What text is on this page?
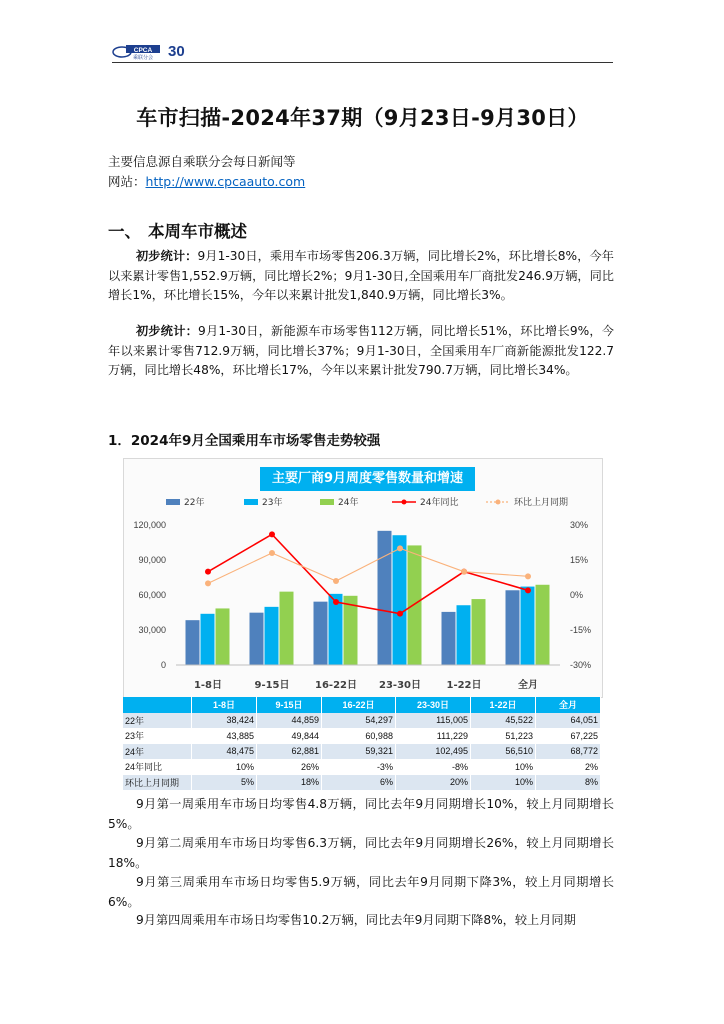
CPCA
乘联分会 30
车市扫描-2024年37期（9月23日-9月30日）
主要信息源自乘联分会每日新闻等
网站：http://www.cpcaauto.com
一、 本周车市概述
初步统计：9月1-30日，乘用车市场零售206.3万辆，同比增长2%，环比增长8%，今年以来累计零售1,552.9万辆，同比增长2%；9月1-30日,全国乘用车厂商批发246.9万辆，同比增长1%，环比增长15%，今年以来累计批发1,840.9万辆，同比增长3%。
初步统计：9月1-30日，新能源车市场零售112万辆，同比增长51%，环比增长9%，今年以来累计零售712.9万辆，同比增长37%；9月1-30日，全国乘用车厂商新能源批发122.7万辆，同比增长48%，环比增长17%，今年以来累计批发790.7万辆，同比增长34%。
1．2024年9月全国乘用车市场零售走势较强
主要厂商9月周度零售数量和增速
22年	23年	24年	24年同比	环比上月同期
120,000
90,000
60,000
30,000
0
30%
15%
0%
-15%
-30%
1-8日	9-15日	16-22日 23-30日	1-22日	全月
	1-8日	9-15日	16-22日	23-30日	1-22日	全月
22年	38,424	44,859	54,297	115,005	45,522	64,051
23年	43,885	49,844	60,988	111,229	51,223	67,225
24年	48,475	62,881	59,321	102,495	56,510	68,772
24年同比	10%	26%	-3%	-8%	10%	2%
环比上月同期	5%	18%	6%	20%	10%	8%
9月第一周乘用车市场日均零售4.8万辆，同比去年9月同期增长10%，较上月同期增长5%。
9月第二周乘用车市场日均零售6.3万辆，同比去年9月同期增长26%，较上月同期增长18%。
9月第三周乘用车市场日均零售5.9万辆，同比去年9月同期下降3%，较上月同期增长6%。
9月第四周乘用车市场日均零售10.2万辆，同比去年9月同期下降8%，较上月同期
